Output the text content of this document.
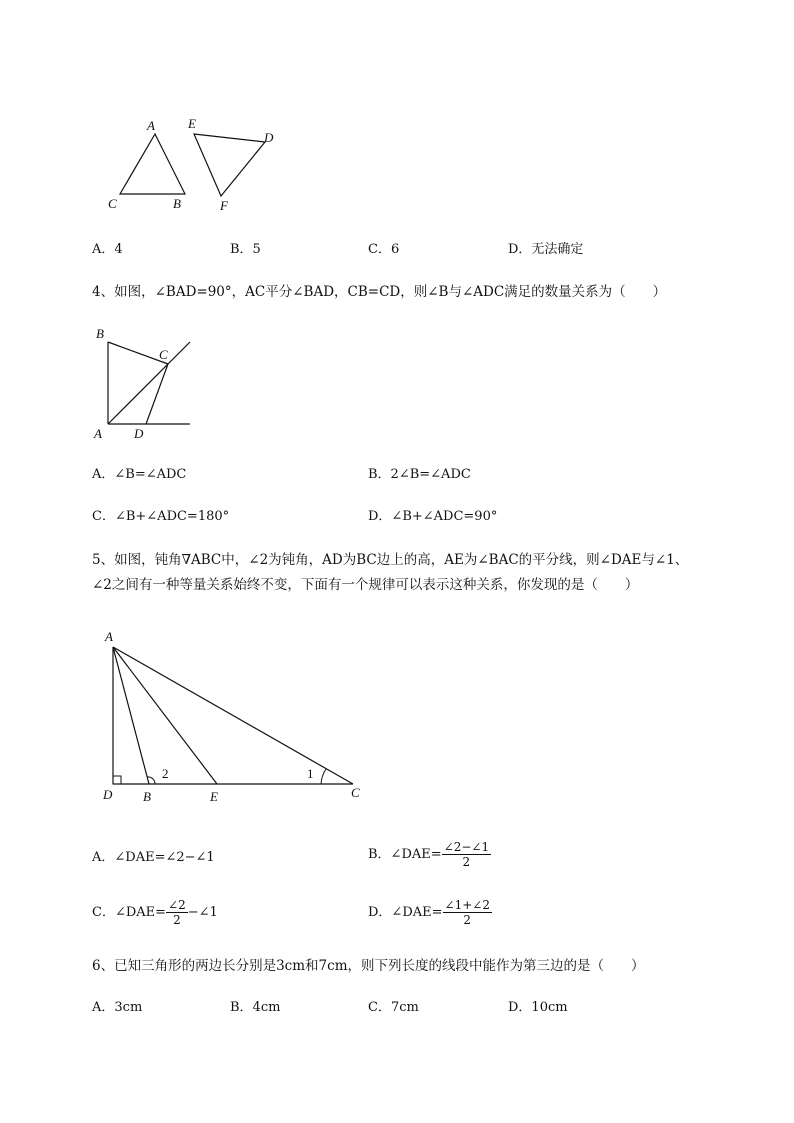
A
C	B
E
D
F
A．4	B．5	C．6	D．无法确定
4、如图，∠BAD=90°，AC平分∠BAD，CB=CD，则∠B与∠ADC满足的数量关系为（　　）
B
C
A D
A．∠B=∠ADC	B．2∠B=∠ADC
C．∠B+∠ADC=180°	D．∠B+∠ADC=90°
5、如图，钝角∇ABC中，∠2为钝角，AD为BC边上的高，AE为∠BAC的平分线，则∠DAE与∠1、
∠2之间有一种等量关系始终不变，下面有一个规律可以表示这种关系，你发现的是（　　）
A
D B	E	C
1
2
A．∠DAE=∠2−∠1	B．∠DAE= $\frac{\angle 2-\angle 1}{2}$
C．∠DAE= $\frac{\angle 2}{2}$ −∠1	D．∠DAE= $\frac{\angle 1+\angle 2}{2}$
6、已知三角形的两边长分别是3cm和7cm，则下列长度的线段中能作为第三边的是（　　）
A．3cm	B．4cm	C．7cm	D．10cm
